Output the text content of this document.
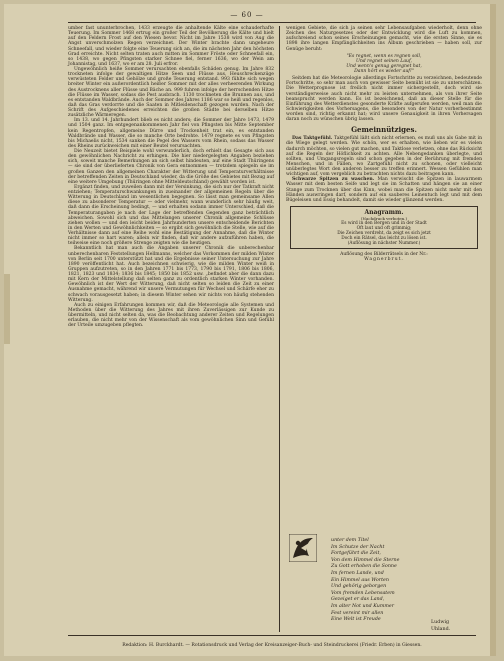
— 60 —

umber fast ununterbrochen, 1433 erzeugte die anhaltende Kälte eine schauderhafte Teuerung. Im Sommer 1468 ertrug ein großer Teil der Bevölkerung die Kälte und hielt auf den Feldern Frost auf den Wiesen bevor. Nicht im Jahre 1538 wird von Aug die Angst unverschmolzen Regen verzeichnet. Der Winter brachte dann ungeheure Schneefall, und wieder folgte eine Teuerung sich an, die im nächsten Jahr den höchsten Grad erreichte. Nicht selten traten auch mitten im Sommer Fröste oder Schneefall ein, so 1438, wo gegen Pfingsten starker Schnee fiel, ferner 1636, wo der Wein am Johannistag, und 1637, wo er am 28. Juli erfror.

Ungewöhnlich heiße Sommer verursachten ebenfalls Schäden genug. Im Jahre 832 trockneten infolge der gewaltigen Hitze Seen und Flüsse aus, Heuschreckenzüge verwüsteten Felder und Gehölze und große Teuerung entstand. 993 fühlte sich wegen breiter Winter ein außerordentlich heißer Sommer mit der alles verheerenden Wirkung des Austrocknens aller Flüsse und Bäche an. 999 fuhren infolge der herrschenden Hitze die Flüsse im Wasser, sodass die Pest ausbrach. 1130 trockneten die Brunnen aus, und es entstanden Waldbrände. Auch der Sommer des Jahres 1186 war so heiß und regenlos, daß das Gras verdorrte und die Saaten in Mitleidenschaft gezogen wurden. Nach der Schrift des Aufgeschiedenes erreichten die großen Städte bei derselben Hitze zusätzliche Wärmeregen.

Im 13. und 14. Jahrhundert blieb es nicht anders; die Sommer der Jahre 1473, 1479 und 1504 ganz. Im entgegenankommenen Jahr fiel von Pfingsten bis Mitte September kein Regentropfen, allgemeine Dürre und Trockenheit trat ein, es entstanden Waldbrände und Wasser, die so manche Orte bedrohte. 1479 regnete es von Pfingsten bis Michaelis nicht, 1534 sanken die Pegel des Wassers vom Rhein, sodass das Wasser des Rheins zurückweichen mit einer Beutel verursachten.

Die Neuzeit bietet Beispiele wohl verwunderlich, doch erhielt das Gesagte sich aus den gewöhnlichen Nachricht zu erhingen. Die hier niedergelegten Angaben beziehen sich, soweit manche Bemerkungen an sich selbst hindeuten, auf eine Stadt Thüringens — sie sind der überlieferten Chronik von Gera entnommen — trotzdem spiegeln sie im großen Ganzen den allgemeinen Charakter der Witterung und Temperaturverhältnisse der betreffenden Zeiten in Deutschland wieder, da die Größe des Gebietes mit Bezug auf eine weitere Umgebung (Thüringen ohne Mitteldeutschland) gewählt worden ist.

Ergänzt finden, und zuweilen dann mit der Versinkung, die sich nur der Tatkraft nicht entziehen; Temperaturschwankungen in zueinander der allgemeinen Regeln über die Witterung in Deutschland im wesentlichen begegnen. So lässt man gemeinsame Allen diese zu absonderer Temperatur — oder vielmehr, wann wunderlich sehr häufig weit, daß dann die Erscheinung bedingt, — und erhalten sodann immer Unterschied, daß die Temperaturangaben je nach der Lage der betreffenden Gegenden ganz beträchtlich abweichen. Sowohl sich und das Mittelangen unserer Chronik allgemeine Schlüsse ziehen wollen — und den leicht beiden Jahrhunderten unsere entscheidende Berichten in den Werten und Gewöhnlichkeiten — so ergibt sich gewöhnlich die Stelle, wie auf die Verhältnisse dann auf eine Reihe wohl eine Bestätigung der Annahme, daß die Winter nicht immer so hart waren; allein wir finden, daß wir andere aufzuführen haben, die teilweise eine noch größere Strenge zeigten wie die heutigen.

Bekanntlich hat man auch die Angaben unserer Chronik die unberechenbar unberechenbaren Feststellungen Hellmanns, welcher das Vorkommen der milden Winter von Berlin seit 1700 unterstützt hat und die Ergebnisse seiner Untersuchung zur Jahre 1890 veröffentlicht hat. Auch bezeichnen schwierig, wie die milden Winter weiß in Gruppen aufzutreten, so in den Jahren 1771 bis 1773, 1790 bis 1791, 1806 bis 1806, 1821, 1823 und 1834; 1836 bis 1845; 1850 bis 1852 usw. „befindet aber die dann dazu mit Kern der Mittelstellung daß selten ganz zu ordentlich starken Winter vorhanden. Gewöhnlich ist der Wert der Witterung, daß nicht selten so leiden die Zeit zu einer Ausnahme gemacht, während wir unsere Vermutungen für Wechsel und Schärfe eher zu schwach vorausgesetzt haben; in diesem Winter sehen wir nichts von häufig stehenden Witterung.

Auch zu einigen Erfahrungen kommen wir, daß die Meteorologie alle Systemen und Methoden über die Witterung des Jahres mit ihren Zuverlässigen zur Kunde zu übermitteln, und nicht selten da, was die Beobachtung anderer Zeiten und Regelungen erlauben, die nicht mehr von der Wissenschaft als vom gewöhnlichen Sinn und Gefühl der Urteile umzugeben pflegten.

wenigen Gebiete, die sich ja seinen sehr Lebensaufgaben wiederholt, denn ohne Zeichen des Naturgesetzes oder der Entwicklung wird die Luft zu kommen, aufschreiend schon seines Erscheinungen gemacht, wie die ersten Sinne, sie es 1898 ihre langen Empfänglichkeiten ins Album geschrieben — haben soll, zur Genüge beruht:

"Es regnet, wenn es regnen soll,
Und regnet seinen Lauf,
Und wenn's genug geregnet hat,
Dann hört es wieder auf!"

Seitdem hat die Meteorologie allerdings Fortschritte zu verzeichnen, bedeutende Fortschritte, so sehr man auch von gewisser Seite bemüht ist sie zu unterschätzen. Die Wetterprognose ist freilich nicht immer sichergestellt, doch wird sie verständigerweise auch nicht mehr zu leisten unternehmen, als von ihrer Seite beansprucht werden kann. Es ist bezeichnend, daß an dieser Stelle für die Einführung des Wetterdienstes gesonderte Kräfte aufgerufen werden, weil man die Schwierigkeiten des Vorhersagens, die besonders von der Natur vorherbestimmt worden sind, richtig erkannt hat; wird unsere Genauigkeit in ihren Vorhersagen daran noch zu wünschen übrig lassen.

Gemeinnütziges.

Das Taktgefühl. Taktgefühl läßt sich nicht erlernen, es muß uns als Gabe mit in die Wiege gelegt werden. Wie schön, wer es erhalten, wie lieben wir es vielen dadurch möchten, so vielen gut machen, und Taktlose verletzen, ohne das Rücksicht auf die Regeln der Höflichkeit zu achten. Alle Nebengedanken überlegte, und sollten, und Umgangsregeln sind schon gegeben in der Berührung mit fremden Menschen, und in Fällen, wo Zartgefühl nicht zu schonen, oder vielleicht unüberlegtes Wort den anderen besser zu treffen erinnert. Wessen Gefühlen man wichtigen auf, vom vergeblich zu betrachten nichts dazu beitragen kann.

Schwarze Spitzen zu waschen. Man verwischt die Spitzen in lauwarmem Wasser mit dem besten Seife und legt sie im Schatten und hängen sie an einer Stange zum Trocknen über das Kinn, wobei man die Spitzen nicht mehr mit den Händen auswringen darf, sondern auf ein sauberes Leinentuch legt und mit dem Bügeleisen und Essig behandelt, damit sie wieder glänzend werden.

Anagramm.
(Nachdruck verboten.)
Es wird in den Bergen und in der Stadt
Oft laut und oft grimmig;
Die Zeichen verdreht, da zeigt es sich jetzt
Doch ein Rätsel, das leicht zu lösen ist.
(Auflösung in nächster Nummer.)
Auflösung des Bilderrätsels in der Nr.:
Wagnerbrut.
unter dem Titel
Im Schutze der Nacht
Fortgeführt die Zeit,
Von dem Himmel die Sterne
Zu Gott erhoben die Sonne
Im fernen Lande, und
Ein Himmel aus Worten
Und gehörig geborgen
Vom fremden Lebensatem
Gezeiget er das Land,
Im alter Not und Kummer
Fest vereint mir allen
Eine Welt ist Freude
Ludwig Uhland.
Redaktion: H. Burckhardt. — Rotationsdruck und Verlag der Kreisanzeiger-Buch- und Steindruckerei (Friedr. Erben) in Giessen.
